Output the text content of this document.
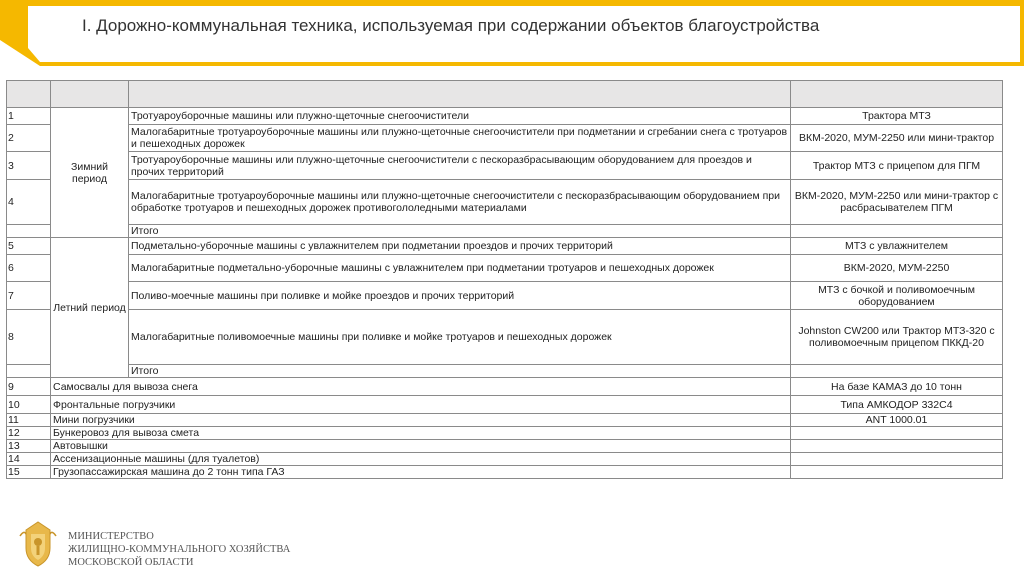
I. Дорожно-коммунальная техника, используемая при содержании объектов благоустройства

1	Зимний период	Тротуароуборочные машины или плужно-щеточные снегоочистители	Трактора МТЗ
2		Малогабаритные тротуароуборочные машины или плужно-щеточные снегоочистители при подметании и сгребании снега с тротуаров и пешеходных дорожек	ВКМ-2020, МУМ-2250 или мини-трактор
3		Тротуароуборочные машины или плужно-щеточные снегоочистители с пескоразбрасывающим оборудованием для проездов и прочих территорий	Трактор МТЗ с прицепом для ПГМ
4		Малогабаритные тротуароуборочные машины или плужно-щеточные снегоочистители с пескоразбрасывающим оборудованием при обработке тротуаров и пешеходных дорожек противогололедными материалами	ВКМ-2020, МУМ-2250 или мини-трактор с расбрасывателем ПГМ
		Итого	
5	Летний период	Подметально-уборочные машины с увлажнителем при подметании проездов и прочих территорий	МТЗ с увлажнителем
6		Малогабаритные подметально-уборочные машины с увлажнителем при подметании тротуаров и пешеходных дорожек	ВКМ-2020, МУМ-2250
7		Поливо-моечные машины при поливке и мойке проездов и прочих территорий	МТЗ с бочкой и поливомоечным оборудованием
8		Малогабаритные поливомоечные машины при поливке и мойке тротуаров и пешеходных дорожек	Johnston CW200 или Трактор МТЗ-320 с поливомоечным прицепом ПККД-20
		Итого	
9	Самосвалы для вывоза снега		На базе КАМАЗ до 10 тонн
10	Фронтальные погрузчики		Типа АМКОДОР 332С4
11	Мини погрузчики		ANT 1000.01
12	Бункеровоз для вывоза смета		
13	Автовышки		
14	Ассенизационные машины (для туалетов)		
15	Грузопассажирская машина до 2 тонн типа ГАЗ		
МИНИСТЕРСТВО
ЖИЛИЩНО-КОММУНАЛЬНОГО ХОЗЯЙСТВА
МОСКОВСКОЙ ОБЛАСТИ
